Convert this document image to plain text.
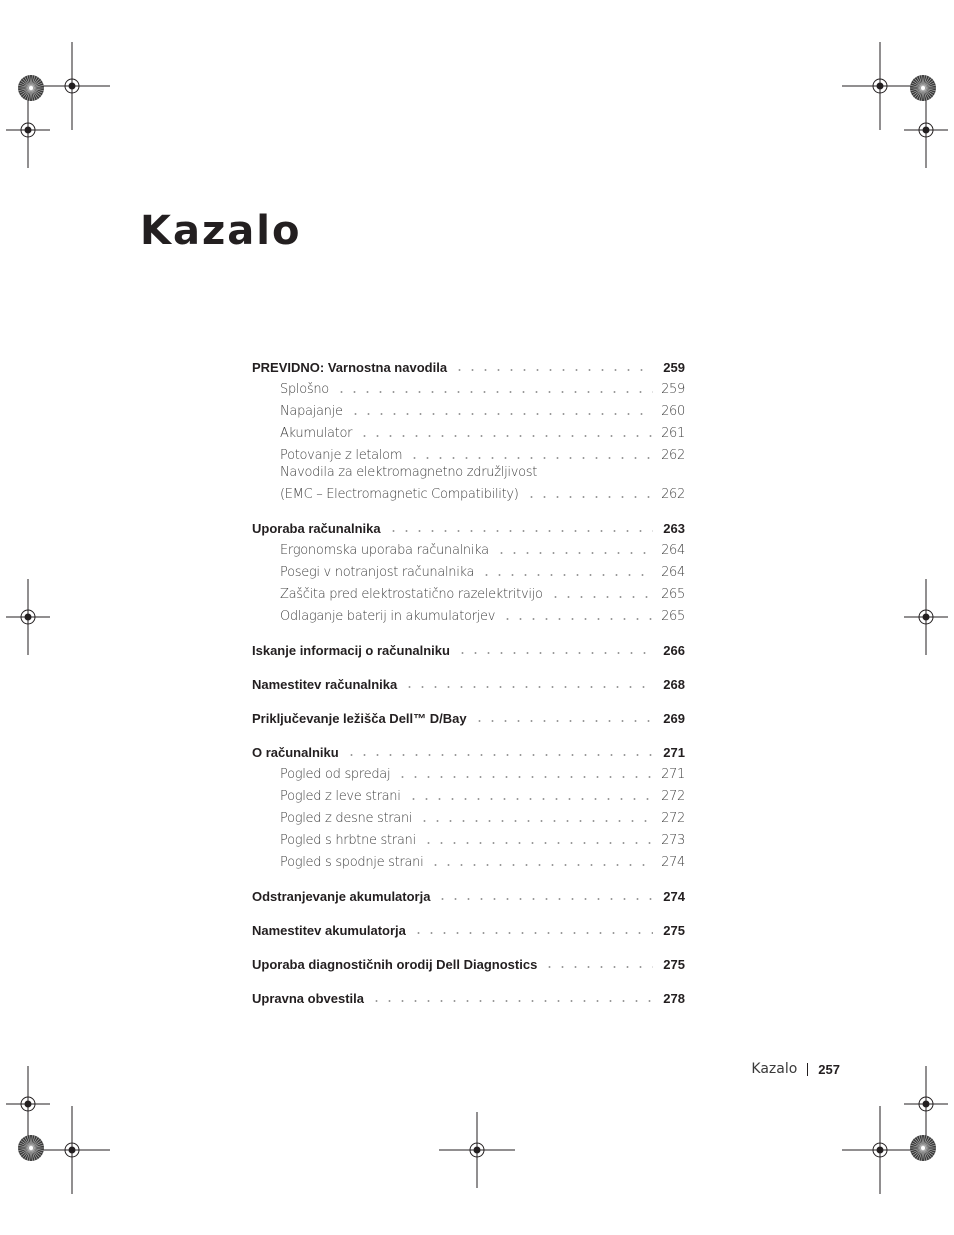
Kazalo
PREVIDNO: Varnostna navodila	259
Splošno	259
Napajanje	260
Akumulator	261
Potovanje z letalom	262
Navodila za elektromagnetno združljivost
(EMC – Electromagnetic Compatibility)	262
Uporaba računalnika	263
Ergonomska uporaba računalnika	264
Posegi v notranjost računalnika	264
Zaščita pred elektrostatično razelektritvijo	265
Odlaganje baterij in akumulatorjev	265
Iskanje informacij o računalniku	266
Namestitev računalnika	268
Priključevanje ležišča Dell™ D/Bay	269
O računalniku	271
Pogled od spredaj	271
Pogled z leve strani	272
Pogled z desne strani	272
Pogled s hrbtne strani	273
Pogled s spodnje strani	274
Odstranjevanje akumulatorja	274
Namestitev akumulatorja	275
Uporaba diagnostičnih orodij Dell Diagnostics	275
Upravna obvestila	278
Kazalo 257
